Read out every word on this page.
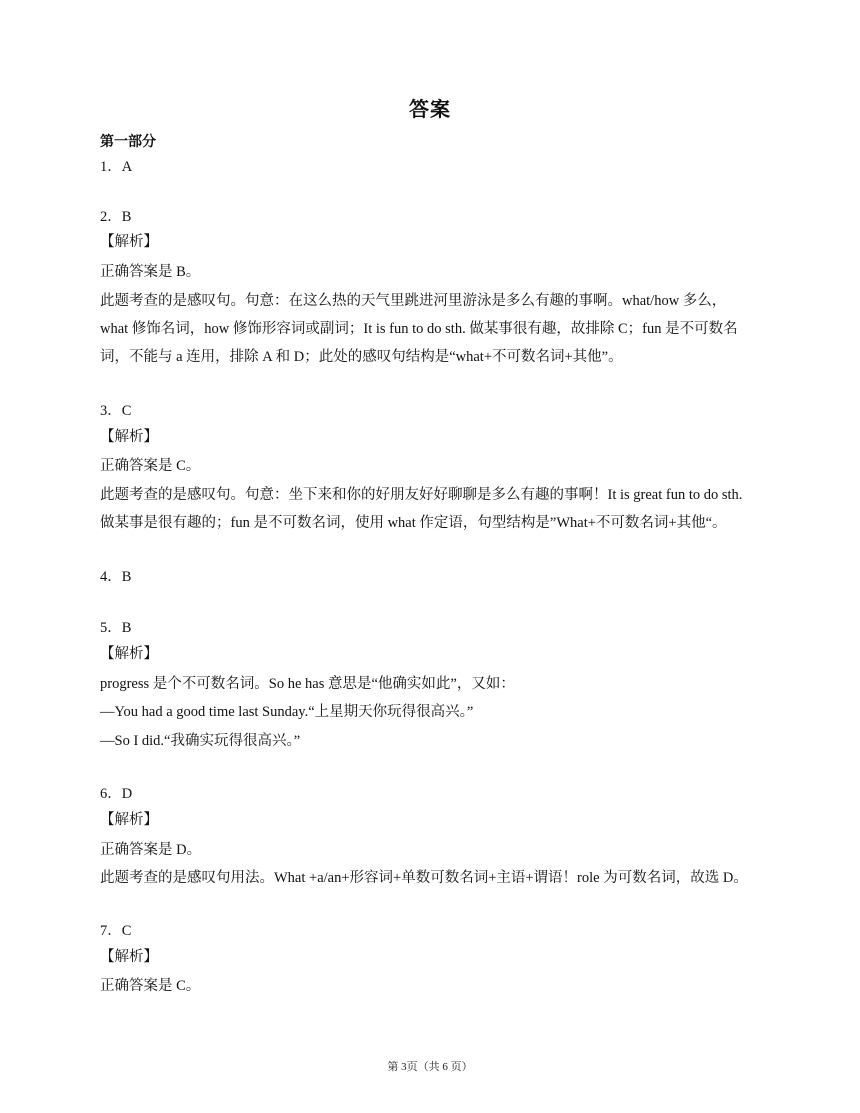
答案
第一部分
1．A
2．B
【解析】
正确答案是 B。
此题考查的是感叹句。句意：在这么热的天气里跳进河里游泳是多么有趣的事啊。what/how 多么，
what 修饰名词，how 修饰形容词或副词；It is fun to do sth. 做某事很有趣，故排除 C；fun 是不可数名
词，不能与 a 连用，排除 A 和 D；此处的感叹句结构是“what+不可数名词+其他”。
3．C
【解析】
正确答案是 C。
此题考查的是感叹句。句意：坐下来和你的好朋友好好聊聊是多么有趣的事啊！It is great fun to do sth.
做某事是很有趣的；fun 是不可数名词，使用 what 作定语，句型结构是”What+不可数名词+其他“。
4．B
5．B
【解析】
progress 是个不可数名词。So he has 意思是“他确实如此”，又如：
—You had a good time last Sunday.“上星期天你玩得很高兴。”
—So I did.“我确实玩得很高兴。”
6．D
【解析】
正确答案是 D。
此题考查的是感叹句用法。What +a/an+形容词+单数可数名词+主语+谓语！role 为可数名词，故选 D。
7．C
【解析】
正确答案是 C。
第 3页（共 6 页）
